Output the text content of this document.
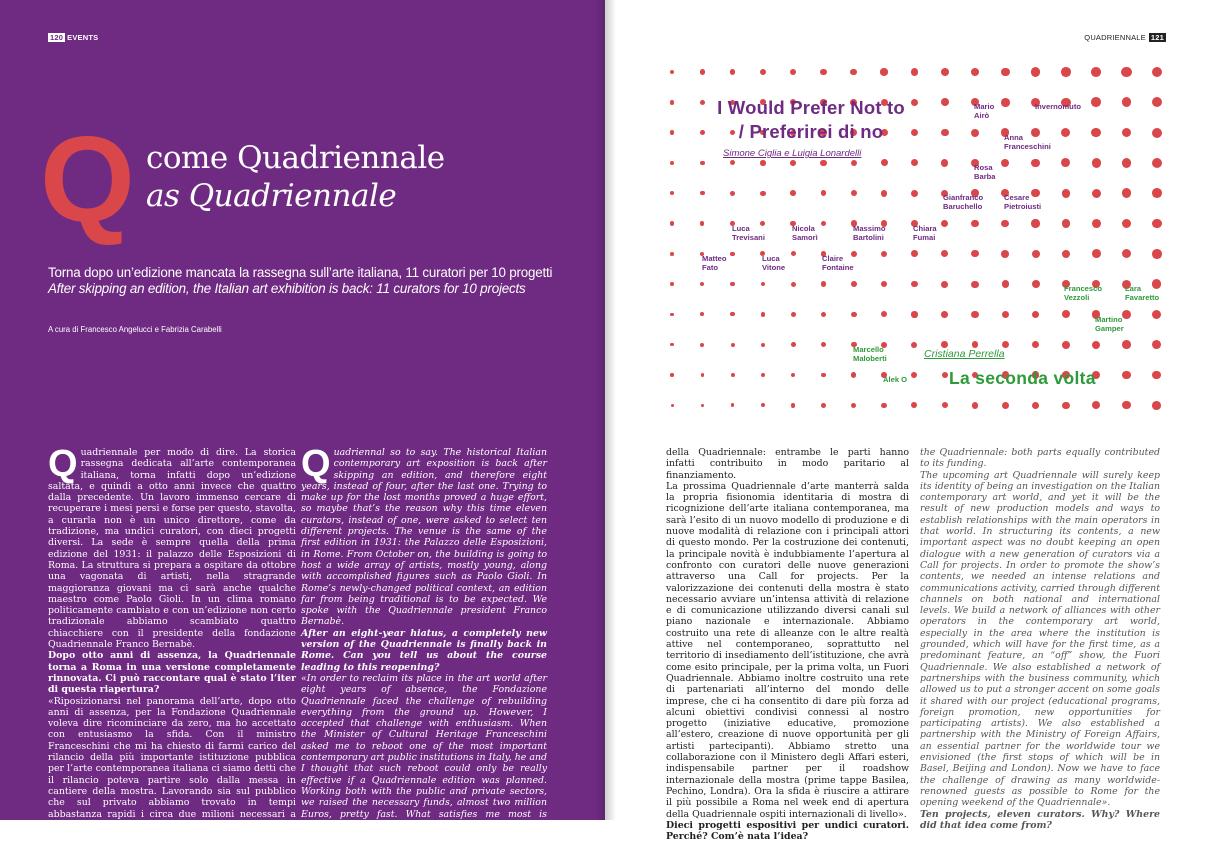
120 EVENTS
Q come Quadriennale
as Quadriennale
Torna dopo un’edizione mancata la rassegna sull’arte italiana, 11 curatori per 10 progetti
After skipping an edition, the Italian art exhibition is back: 11 curators for 10 projects
A cura di Francesco Angelucci e Fabrizia Carabelli
Q uadriennale per modo di dire. La storica rassegna dedicata all’arte contemporanea italiana, torna infatti dopo un’edizione saltata, e quindi a otto anni invece che quattro dalla precedente. Un lavoro immenso cercare di recuperare i mesi persi e forse per questo, stavolta, a curarla non è un unico direttore, come da tradizione, ma undici curatori, con dieci progetti diversi. La sede è sempre quella della prima edizione del 1931: il palazzo delle Esposizioni di Roma. La struttura si prepara a ospitare da ottobre una vagonata di artisti, nella stragrande maggioranza giovani ma ci sarà anche qualche maestro come Paolo Gioli. In un clima romano politicamente cambiato e con un’edizione non certo tradizionale abbiamo scambiato quattro chiacchiere con il presidente della fondazione Quadriennale Franco Bernabè.

Dopo otto anni di assenza, la Quadriennale torna a Roma in una versione completamente rinnovata. Ci può raccontare qual è stato l’iter di questa riapertura?

«Riposizionarsi nel panorama dell’arte, dopo otto anni di assenza, per la Fondazione Quadriennale voleva dire ricominciare da zero, ma ho accettato con entusiasmo la sfida. Con il ministro Franceschini che mi ha chiesto di farmi carico del rilancio della più importante istituzione pubblica per l’arte contemporanea italiana ci siamo detti che il rilancio poteva partire solo dalla messa in cantiere della mostra. Lavorando sia sul pubblico che sul privato abbiamo trovato in tempi abbastanza rapidi i circa due milioni necessari a finanziare l’iniziativa. Quello che mi fa più piacere è proprio il carattere pubblico – privato

Q uadriennal so to say. The historical Italian contemporary art exposition is back after skipping an edition, and therefore eight years, instead of four, after the last one. Trying to make up for the lost months proved a huge effort, so maybe that’s the reason why this time eleven curators, instead of one, were asked to select ten different projects. The venue is the same of the first edition in 1931: the Palazzo delle Esposizioni, in Rome. From October on, the building is going to host a wide array of artists, mostly young, along with accomplished figures such as Paolo Gioli. In Rome’s newly-changed political context, an edition far from being traditional is to be expected. We spoke with the Quadriennale president Franco Bernabè.

After an eight-year hiatus, a completely new version of the Quadriennale is finally back in Rome. Can you tell us about the course leading to this reopening?

«In order to reclaim its place in the art world after eight years of absence, the Fondazione Quadriennale faced the challenge of rebuilding everything from the ground up. However, I accepted that challenge with enthusiasm. When the Minister of Cultural Heritage Franceschini asked me to reboot one of the most important contemporary art public institutions in Italy, he and I thought that such reboot could only be really effective if a Quadriennale edition was planned. Working both with the public and private sectors, we raised the necessary funds, almost two million Euros, pretty fast. What satisfies me most is actually the double private/public nature of

QUADRIENNALE 121
I Would Prefer Not to
/ Preferirei di no
Simone Ciglia e Luigia Lonardelli
Cristiana Perrella
La seconda volta
Mario
Airò
Invernomuto
Anna
Franceschini
Rosa
Barba
Gianfranco
Baruchello
Cesare
Pietroiusti
Luca
Trevisani
Nicola
Samorì
Massimo
Bartolini
Chiara
Fumai
Matteo
Fato
Luca
Vitone
Claire
Fontaine
Francesco
Vezzoli
Lara
Favaretto
Martino
Gamper
Marcello
Maloberti
Alek O

della Quadriennale: entrambe le parti hanno infatti contribuito in modo paritario al finanziamento.

La prossima Quadriennale d’arte manterrà salda la propria fisionomia identitaria di mostra di ricognizione dell’arte italiana contemporanea, ma sarà l’esito di un nuovo modello di produzione e di nuove modalità di relazione con i principali attori di questo mondo. Per la costruzione dei contenuti, la principale novità è indubbiamente l’apertura al confronto con curatori delle nuove generazioni attraverso una Call for projects. Per la valorizzazione dei contenuti della mostra è stato necessario avviare un’intensa attività di relazione e di comunicazione utilizzando diversi canali sul piano nazionale e internazionale. Abbiamo costruito una rete di alleanze con le altre realtà attive nel contemporaneo, soprattutto nel territorio di insediamento dell’istituzione, che avrà come esito principale, per la prima volta, un Fuori Quadriennale. Abbiamo inoltre costruito una rete di partenariati all’interno del mondo delle imprese, che ci ha consentito di dare più forza ad alcuni obiettivi condivisi connessi al nostro progetto (iniziative educative, promozione all’estero, creazione di nuove opportunità per gli artisti partecipanti). Abbiamo stretto una collaborazione con il Ministero degli Affari esteri, indispensabile partner per il roadshow internazionale della mostra (prime tappe Basilea, Pechino, Londra). Ora la sfida è riuscire a attirare il più possibile a Roma nel week end di apertura della Quadriennale ospiti internazionali di livello».

Dieci progetti espositivi per undici curatori. Perché? Com’è nata l’idea?

the Quadriennale: both parts equally contributed to its funding.

The upcoming art Quadriennale will surely keep its identity of being an investigation on the Italian contemporary art world, and yet it will be the result of new production models and ways to establish relationships with the main operators in that world. In structuring its contents, a new important aspect was no doubt keeping an open dialogue with a new generation of curators via a Call for projects. In order to promote the show’s contents, we needed an intense relations and communications activity, carried through different channels on both national and international levels. We build a network of alliances with other operators in the contemporary art world, especially in the area where the institution is grounded, which will have for the first time, as a predominant feature, an “off” show, the Fuori Quadriennale. We also established a network of partnerships with the business community, which allowed us to put a stronger accent on some goals it shared with our project (educational programs, foreign promotion, new opportunities for participating artists). We also established a partnership with the Ministry of Foreign Affairs, an essential partner for the worldwide tour we envisioned (the first stops of which will be in Basel, Beijing and London). Now we have to face the challenge of drawing as many worldwide-renowned guests as possible to Rome for the opening weekend of the Quadriennale».

Ten projects, eleven curators. Why? Where did that idea come from?
